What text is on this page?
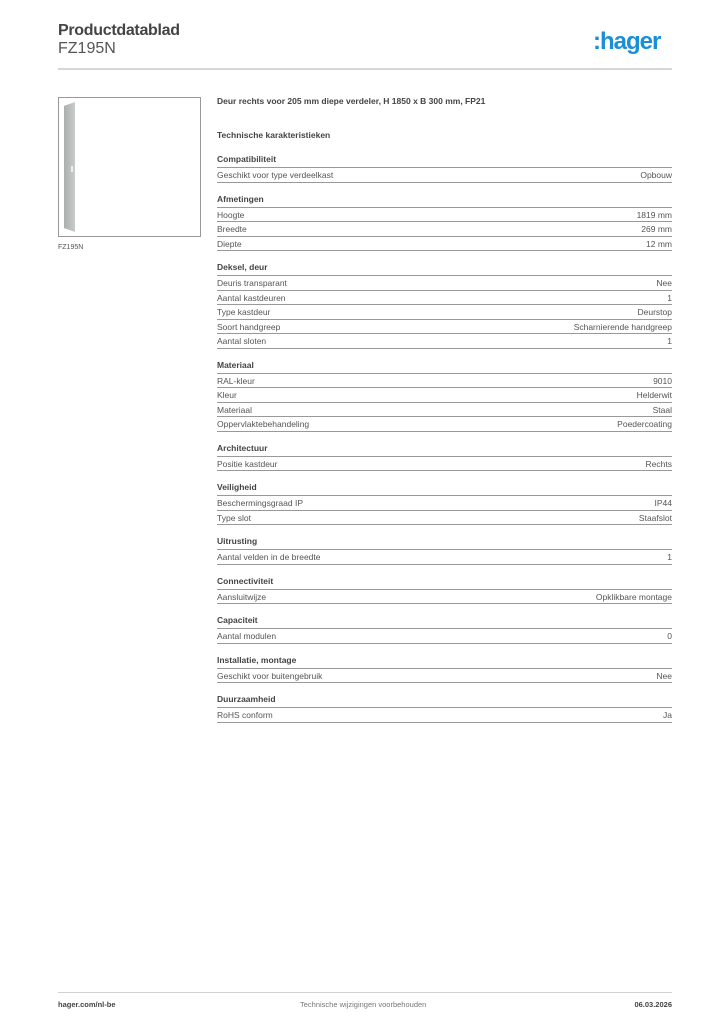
Productdatablad
FZ195N	:hager
FZ195N
Deur rechts voor 205 mm diepe verdeler, H 1850 x B 300 mm, FP21
Technische karakteristieken
Compatibiliteit
Geschikt voor type verdeelkast	Opbouw
Afmetingen
Hoogte	1819 mm
Breedte	269 mm
Diepte	12 mm
Deksel, deur
Deuris transparant	Nee
Aantal kastdeuren	1
Type kastdeur	Deurstop
Soort handgreep	Scharnierende handgreep
Aantal sloten	1
Materiaal
RAL-kleur	9010
Kleur	Helderwit
Materiaal	Staal
Oppervlaktebehandeling	Poedercoating
Architectuur
Positie kastdeur	Rechts
Veiligheid
Beschermingsgraad IP	IP44
Type slot	Staafslot
Uitrusting
Aantal velden in de breedte	1
Connectiviteit
Aansluitwijze	Opklikbare montage
Capaciteit
Aantal modulen	0
Installatie, montage
Geschikt voor buitengebruik	Nee
Duurzaamheid
RoHS conform	Ja
hager.com/nl-be	Technische wijzigingen voorbehouden	06.03.2026
